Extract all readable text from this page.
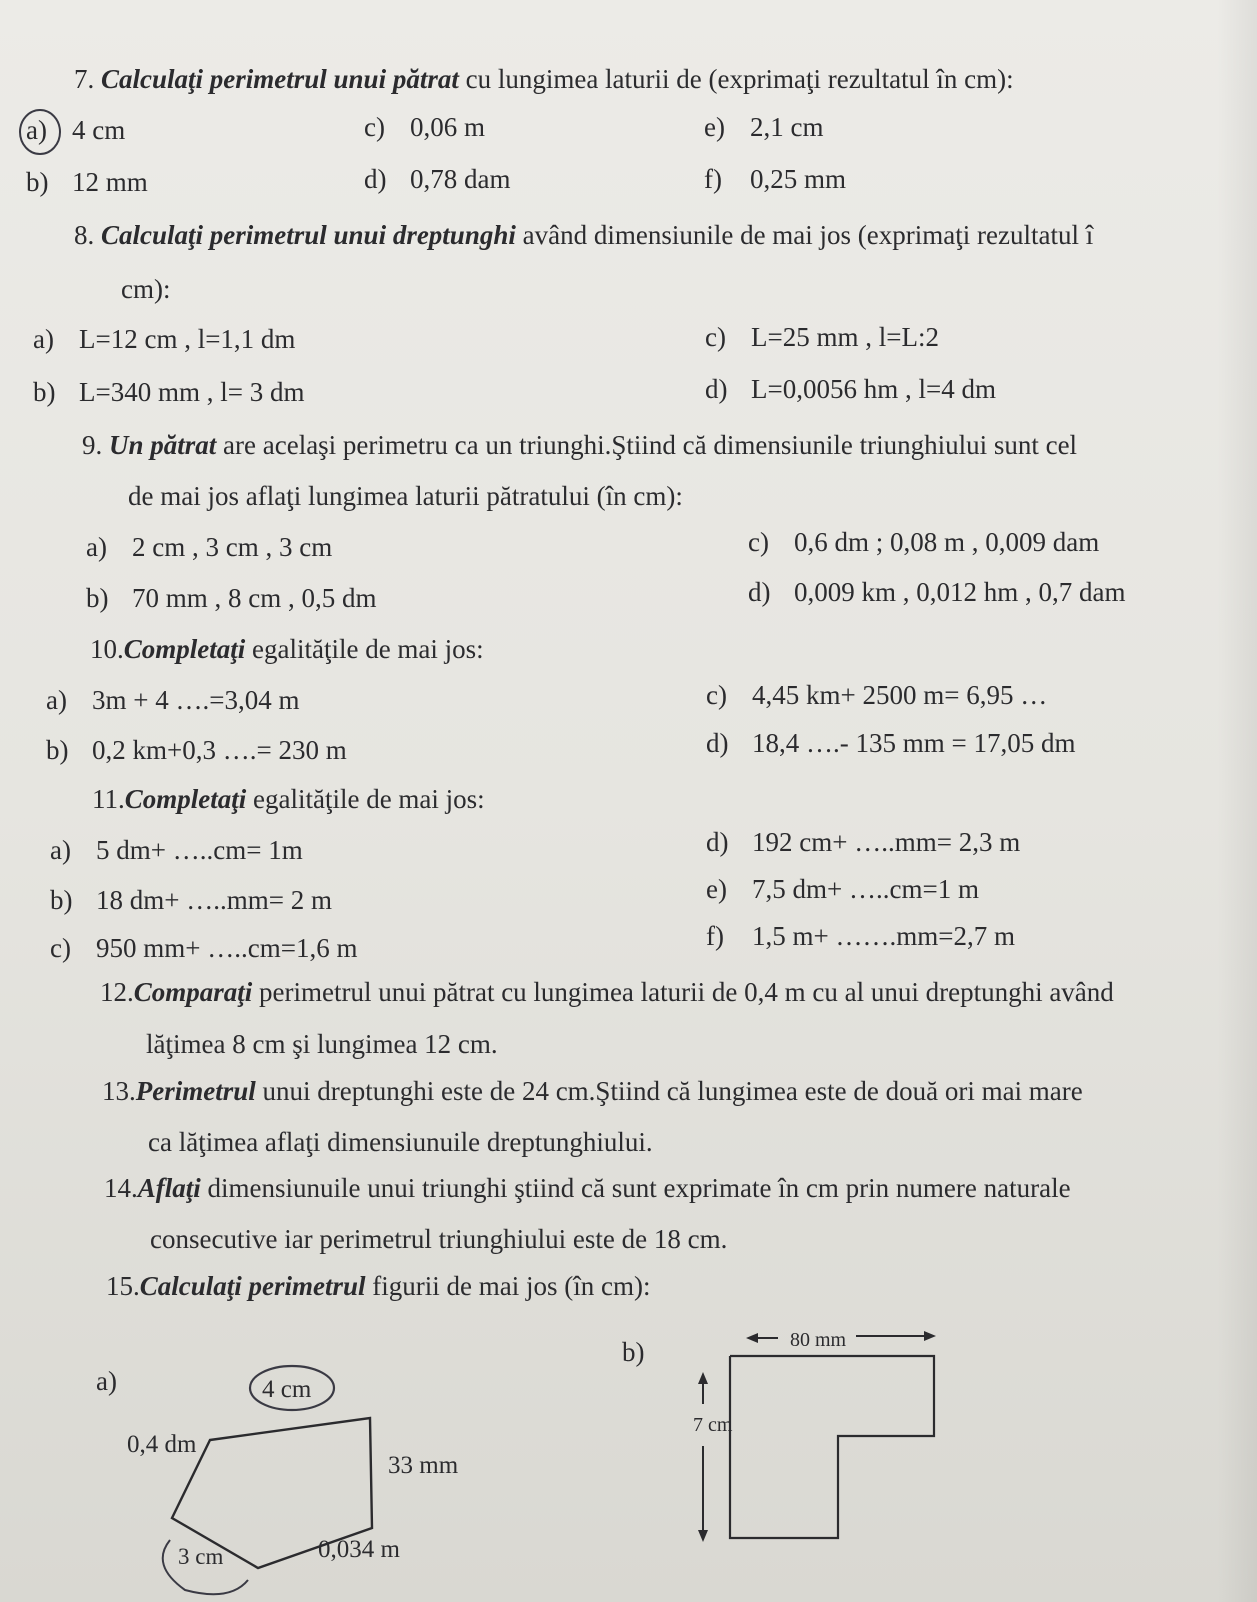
7. Calculaţi perimetrul unui pătrat cu lungimea laturii de (exprimaţi rezultatul în cm):
a) 4 cm
b) 12 mm
c) 0,06 m
d) 0,78 dam
e) 2,1 cm
f) 0,25 mm
8. Calculaţi perimetrul unui dreptunghi având dimensiunile de mai jos (exprimaţi rezultatul î
cm):
a) L=12 cm , l=1,1 dm
b) L=340 mm , l= 3 dm
c) L=25 mm , l=L:2
d) L=0,0056 hm , l=4 dm
9. Un pătrat are acelaşi perimetru ca un triunghi.Ştiind că dimensiunile triunghiului sunt cel
de mai jos aflaţi lungimea laturii pătratului (în cm):
a) 2 cm , 3 cm , 3 cm
b) 70 mm , 8 cm , 0,5 dm
c) 0,6 dm ; 0,08 m , 0,009 dam
d) 0,009 km , 0,012 hm , 0,7 dam
10.Completaţi egalităţile de mai jos:
a) 3m + 4 ….=3,04 m
b) 0,2 km+0,3 ….= 230 m
c) 4,45 km+ 2500 m= 6,95 …
d) 18,4 ….- 135 mm = 17,05 dm
11.Completaţi egalităţile de mai jos:
a) 5 dm+ …..cm= 1m
b) 18 dm+ …..mm= 2 m
c) 950 mm+ …..cm=1,6 m
d) 192 cm+ …..mm= 2,3 m
e) 7,5 dm+ …..cm=1 m
f) 1,5 m+ …….mm=2,7 m
12.Comparaţi perimetrul unui pătrat cu lungimea laturii de 0,4 m cu al unui dreptunghi având
lăţimea 8 cm şi lungimea 12 cm.
13.Perimetrul unui dreptunghi este de 24 cm.Ştiind că lungimea este de două ori mai mare
ca lăţimea aflaţi dimensiunuile dreptunghiului.
14.Aflaţi dimensiunuile unui triunghi ştiind că sunt exprimate în cm prin numere naturale
consecutive iar perimetrul triunghiului este de 18 cm.
15.Calculaţi perimetrul figurii de mai jos (în cm):
a)
b)
4 cm
0,4 dm
33 mm
3 cm	0,034 m
80 mm
7 cm
